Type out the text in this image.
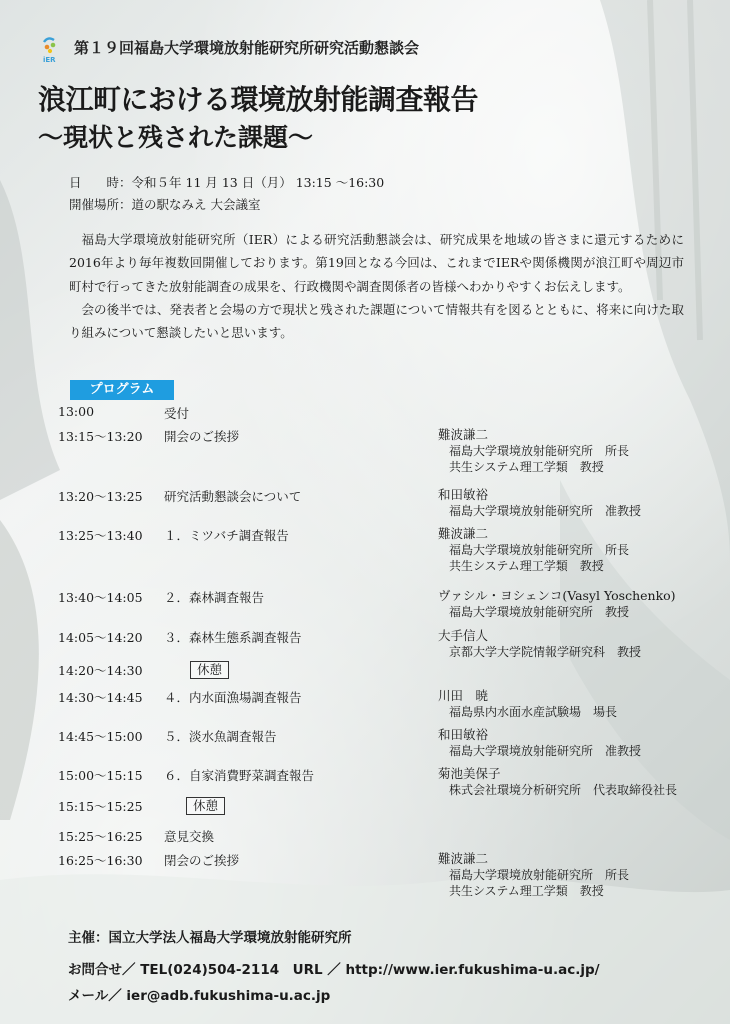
iER
第１９回福島大学環境放射能研究所研究活動懇談会
浪江町における環境放射能調査報告
～現状と残された課題～
日　　時：令和５年 11 月 13 日（月） 13:15 ～16:30
開催場所：道の駅なみえ 大会議室

福島大学環境放射能研究所（IER）による研究活動懇談会は、研究成果を地域の皆さまに還元するために2016年より毎年複数回開催しております。第19回となる今回は、これまでIERや関係機関が浪江町や周辺市町村で行ってきた放射能調査の成果を、行政機関や調査関係者の皆様へわかりやすくお伝えします。

会の後半では、発表者と会場の方で現状と残された課題について情報共有を図るとともに、将来に向けた取り組みについて懇談したいと思います。

プログラム
13:00	受付
13:15～13:20 開会のご挨拶	難波謙二
福島大学環境放射能研究所　所長
共生システム理工学類　教授
13:20～13:25 研究活動懇談会について	和田敏裕
福島大学環境放射能研究所　准教授
13:25～13:40 １．ミツバチ調査報告	難波謙二
福島大学環境放射能研究所　所長
共生システム理工学類　教授
13:40～14:05 ２．森林調査報告	ヴァシル・ヨシェンコ(Vasyl Yoschenko)
福島大学環境放射能研究所　教授
14:05～14:20 ３．森林生態系調査報告	大手信人
京都大学大学院情報学研究科　教授
14:20～14:30	休憩
14:30～14:45 ４．内水面漁場調査報告	川田　暁
福島県内水面水産試験場　場長
14:45～15:00 ５．淡水魚調査報告	和田敏裕
福島大学環境放射能研究所　准教授
15:00～15:15 ６．自家消費野菜調査報告	菊池美保子
株式会社環境分析研究所　代表取締役社長
15:15～15:25	休憩
15:25～16:25 意見交換
16:25～16:30 閉会のご挨拶	難波謙二
福島大学環境放射能研究所　所長
共生システム理工学類　教授
主催：国立大学法人福島大学環境放射能研究所
お問合せ／ TEL(024)504-2114　URL ／ http://www.ier.fukushima-u.ac.jp/
メール／ ier@adb.fukushima-u.ac.jp
